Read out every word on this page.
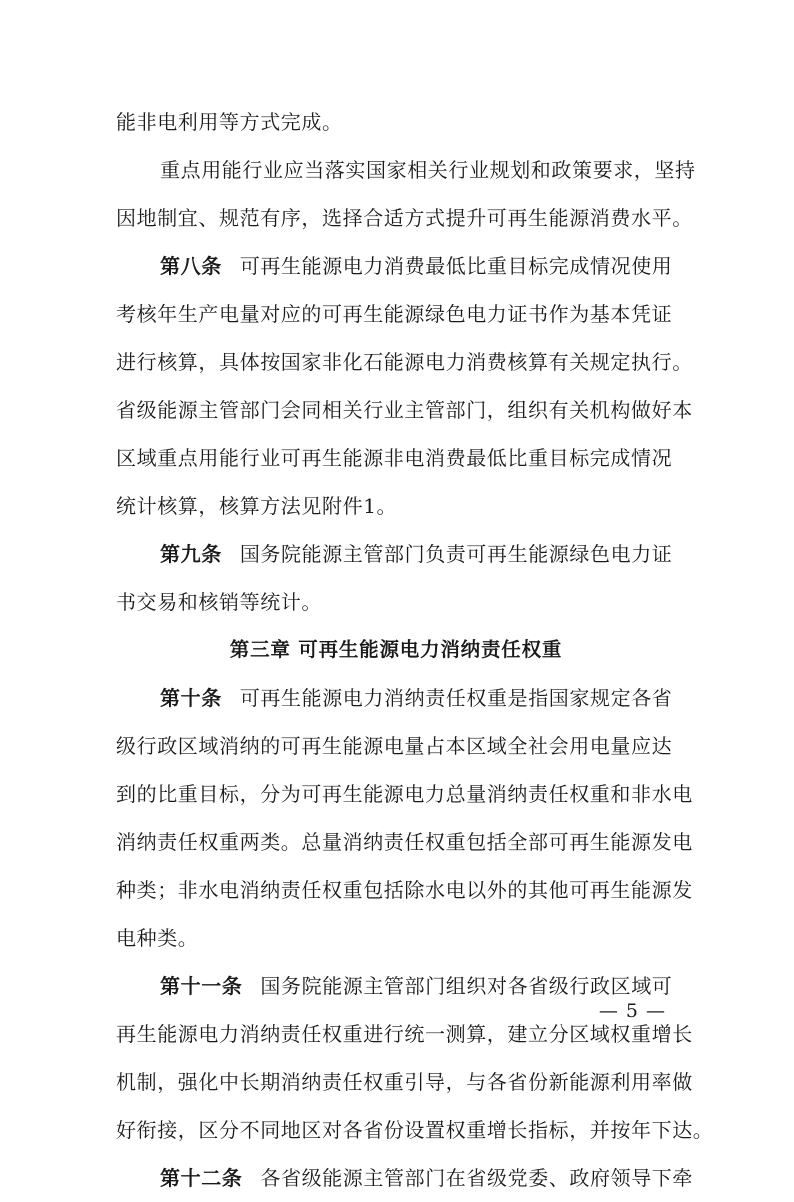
能非电利用等方式完成。
重点用能行业应当落实国家相关行业规划和政策要求，坚持
因地制宜、规范有序，选择合适方式提升可再生能源消费水平。
第八条 可再生能源电力消费最低比重目标完成情况使用
考核年生产电量对应的可再生能源绿色电力证书作为基本凭证
进行核算，具体按国家非化石能源电力消费核算有关规定执行。
省级能源主管部门会同相关行业主管部门，组织有关机构做好本
区域重点用能行业可再生能源非电消费最低比重目标完成情况
统计核算，核算方法见附件1。
第九条 国务院能源主管部门负责可再生能源绿色电力证
书交易和核销等统计。
第三章 可再生能源电力消纳责任权重
第十条 可再生能源电力消纳责任权重是指国家规定各省
级行政区域消纳的可再生能源电量占本区域全社会用电量应达
到的比重目标，分为可再生能源电力总量消纳责任权重和非水电
消纳责任权重两类。总量消纳责任权重包括全部可再生能源发电
种类；非水电消纳责任权重包括除水电以外的其他可再生能源发
电种类。
第十一条 国务院能源主管部门组织对各省级行政区域可
再生能源电力消纳责任权重进行统一测算，建立分区域权重增长
机制，强化中长期消纳责任权重引导，与各省份新能源利用率做
好衔接，区分不同地区对各省份设置权重增长指标，并按年下达。
第十二条 各省级能源主管部门在省级党委、政府领导下牵
— 5 —
